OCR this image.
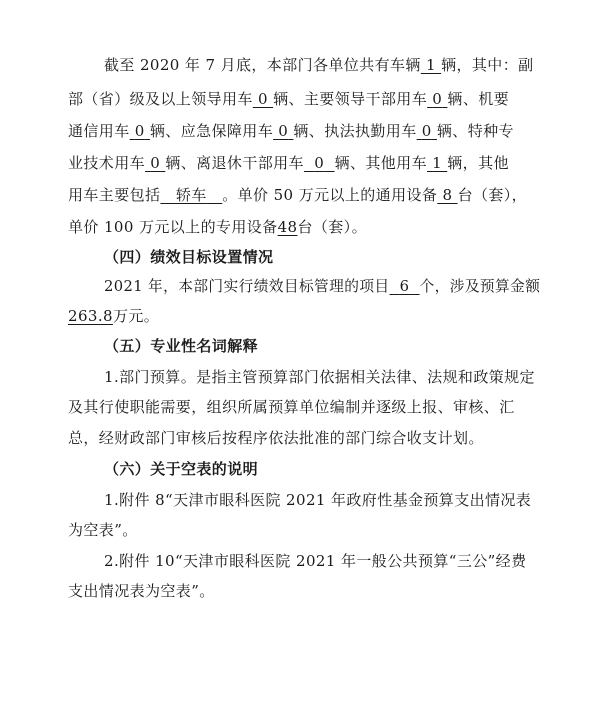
截至 2020 年 7 月底，本部门各单位共有车辆 1 辆，其中：副
部（省）级及以上领导用车 0 辆、主要领导干部用车 0 辆、机要
通信用车 0 辆、应急保障用车 0 辆、执法执勤用车 0 辆、特种专
业技术用车 0 辆、离退休干部用车 0 辆、其他用车 1 辆，其他
用车主要包括 轿车 。单价 50 万元以上的通用设备 8 台（套），
单价 100 万元以上的专用设备48台（套）。
（四）绩效目标设置情况
2021 年，本部门实行绩效目标管理的项目 6 个，涉及预算金额
263.8万元。
（五）专业性名词解释
1.部门预算。是指主管预算部门依据相关法律、法规和政策规定
及其行使职能需要，组织所属预算单位编制并逐级上报、审核、汇
总，经财政部门审核后按程序依法批准的部门综合收支计划。
（六）关于空表的说明
1.附件 8“天津市眼科医院 2021 年政府性基金预算支出情况表
为空表”。
2.附件 10“天津市眼科医院 2021 年一般公共预算“三公”经费
支出情况表为空表”。
